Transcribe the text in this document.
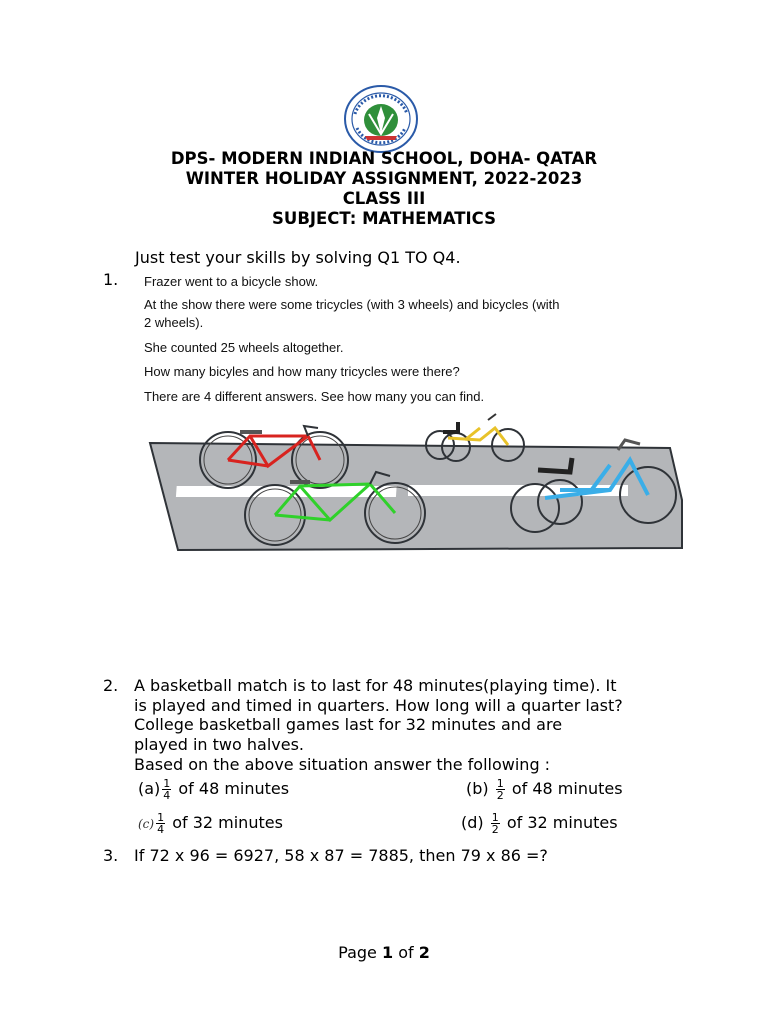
DPS- MODERN INDIAN SCHOOL, DOHA- QATAR
WINTER HOLIDAY ASSIGNMENT, 2022-2023
CLASS III
SUBJECT: MATHEMATICS
Just test your skills by solving Q1 TO Q4.
1. Frazer went to a bicycle show.
At the show there were some tricycles (with 3 wheels) and bicycles (with
2 wheels).
She counted 25 wheels altogether.
How many bicyles and how many tricycles were there?
There are 4 different answers. See how many you can find.
2. A basketball match is to last for 48 minutes(playing time). It
is played and timed in quarters. How long will a quarter last?
College basketball games last for 32 minutes and are
played in two halves.
Based on the above situation answer the following :
$(a) \frac{1}{4}$ of 48 minutes	$(b) \frac{1}{2}$ of 48 minutes
$(c) \frac{1}{4}$ of 32 minutes	$(d) \frac{1}{2}$ of 32 minutes
3. If 72 x 96 = 6927, 58 x 87 = 7885, then 79 x 86 =?
Page 1 of 2
